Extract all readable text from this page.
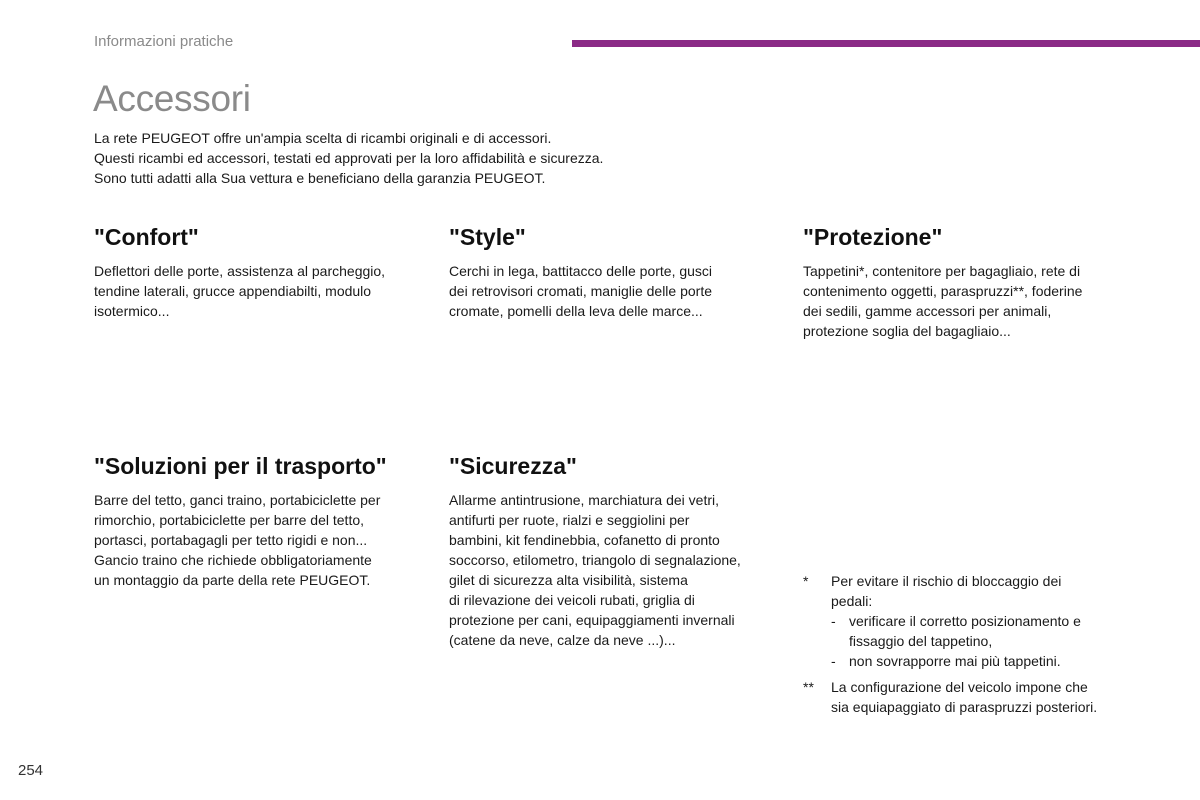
Informazioni pratiche
Accessori
La rete PEUGEOT offre un'ampia scelta di ricambi originali e di accessori.
Questi ricambi ed accessori, testati ed approvati per la loro affidabilità e sicurezza.
Sono tutti adatti alla Sua vettura e beneficiano della garanzia PEUGEOT.
"Confort"
Deflettori delle porte, assistenza al parcheggio,
tendine laterali, grucce appendiabilti, modulo
isotermico...
"Style"
Cerchi in lega, battitacco delle porte, gusci
dei retrovisori cromati, maniglie delle porte
cromate, pomelli della leva delle marce...
"Protezione"
Tappetini*, contenitore per bagagliaio, rete di
contenimento oggetti, paraspruzzi**, foderine
dei sedili, gamme accessori per animali,
protezione soglia del bagagliaio...
"Soluzioni per il trasporto"
Barre del tetto, ganci traino, portabiciclette per
rimorchio, portabiciclette per barre del tetto,
portasci, portabagagli per tetto rigidi e non...
Gancio traino che richiede obbligatoriamente
un montaggio da parte della rete PEUGEOT.
"Sicurezza"
Allarme antintrusione, marchiatura dei vetri,
antifurti per ruote, rialzi e seggiolini per
bambini, kit fendinebbia, cofanetto di pronto
soccorso, etilometro, triangolo di segnalazione,
gilet di sicurezza alta visibilità, sistema
di rilevazione dei veicoli rubati, griglia di
protezione per cani, equipaggiamenti invernali
(catene da neve, calze da neve ...)...
*	Per evitare il rischio di bloccaggio dei
pedali:
- verificare il corretto posizionamento e
fissaggio del tappetino,
- non sovrapporre mai più tappetini.
**	La configurazione del veicolo impone che
sia equiapaggiato di paraspruzzi posteriori.
254
